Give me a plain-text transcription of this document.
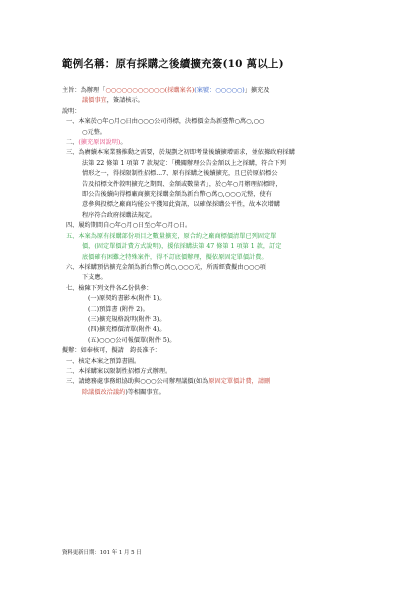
範例名稱：原有採購之後續擴充簽(10 萬以上)
主旨：為辦理「○○○○○○○○○○○(採購案名)(案號：○○○○○)」擴充及
議價事宜，簽請核示。
說明：
一、本案於○年○月○日由○○○公司得標，決標價金為新臺幣○萬○,○○
○元整。
二、(擴充原因說明)。
三、為賡續本案業務推動之需要，於規劃之初即考量後續擴增需求，並依據政府採購
法第 22 條第 1 項第 7 款規定：「機關辦理公告金額以上之採購，符合下列
情形之一，得採限制性招標...7、原有採購之後續擴充，且已於原招標公
告及招標文件敘明擴充之期間、金額或數量者」，於○年○月辦理招標時，
即公告後續向得標廠商擴充採購金額為新台幣○萬○,○○○元整，使有
意參與投標之廠商均能公平獲知此資訊，以確保採購公平性，故本次增購
程序符合政府採購法規定。
四、履約期間自○年○月○日至○年○月○日。
五、本案為原有採購部份項目之數量擴充，原合約之廠商標價清單已列固定單
價，(固定單價計費方式說明)，援依採購法第 47 條第 1 項第 1 款，訂定
底價確有困難之特殊案件，得不訂底價辦理，擬依原固定單價計費。
六、本採購預估擴充金額為新台幣○萬○,○○○元，所需經費擬由○○○項
下支應。
七、檢陳下列文件各乙份供參：
(一)原契約書影本(附件 1)。
(二)預算書 (附件 2)。
(三)擴充規格說明(附件 3)。
(四)擴充標價清單(附件 4)。
(五)○○○公司報價單(附件 5)。
擬辦：如奉核可，擬請　鈞長准予：
一、核定本案之預算書圖。
二、本採購案以限制性招標方式辦理。
三、請總務處事務組協助與○○○公司辦理議價(如為原固定單價計費，請刪
除議價改洽議約)等相關事宜。
資料更新日期：101 年 1 月 5 日
